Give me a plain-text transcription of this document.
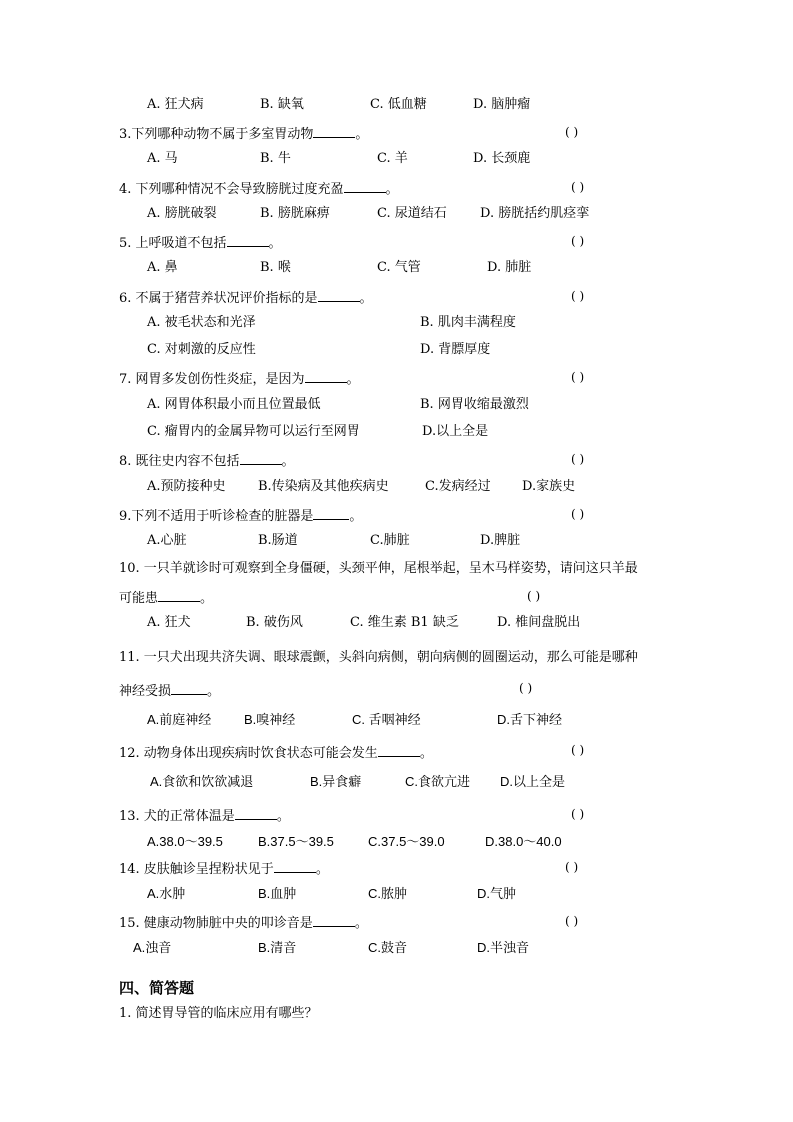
A. 狂犬病	B. 缺氧	C. 低血糖	D. 脑肿瘤
3.下列哪种动物不属于多室胃动物	。	( )
A. 马	B. 牛	C. 羊	D. 长颈鹿
4. 下列哪种情况不会导致膀胱过度充盈	。	( )
A. 膀胱破裂	B. 膀胱麻痹	C. 尿道结石	D. 膀胱括约肌痉挛
5. 上呼吸道不包括	。	( )
A. 鼻	B. 喉	C. 气管	D. 肺脏
6. 不属于猪营养状况评价指标的是	。	( )
A. 被毛状态和光泽	B. 肌肉丰满程度
C. 对刺激的反应性	D. 背膘厚度
7. 网胃多发创伤性炎症，是因为	。	( )
A. 网胃体积最小而且位置最低	B. 网胃收缩最激烈
C. 瘤胃内的金属异物可以运行至网胃	D.以上全是
8. 既往史内容不包括	。	( )
A.预防接种史 B.传染病及其他疾病史	C.发病经过 D.家族史
9.下列不适用于听诊检查的脏器是	。	( )
A.心脏	B.肠道	C.肺脏	D.脾脏
10. 一只羊就诊时可观察到全身僵硬，头颈平伸，尾根举起，呈木马样姿势，请问这只羊最
可能患	。	( )
A. 狂犬	B. 破伤风	C. 维生素 B1 缺乏	D. 椎间盘脱出
11. 一只犬出现共济失调、眼球震颤，头斜向病侧，朝向病侧的圆圈运动，那么可能是哪种
神经受损	。	( )
A.前庭神经	B.嗅神经	C. 舌咽神经	D.舌下神经
12. 动物身体出现疾病时饮食状态可能会发生	。	( )
A.食欲和饮欲减退	B.异食癖	C.食欲亢进 D.以上全是
13. 犬的正常体温是	。	( )
A.38.0～39.5	B.37.5～39.5	C.37.5～39.0	D.38.0～40.0
14. 皮肤触诊呈捏粉状见于	。	( )
A.水肿	B.血肿	C.脓肿	D.气肿
15. 健康动物肺脏中央的叩诊音是	。	( )
A.浊音	B.清音	C.鼓音	D.半浊音
四、简答题
1. 简述胃导管的临床应用有哪些？
